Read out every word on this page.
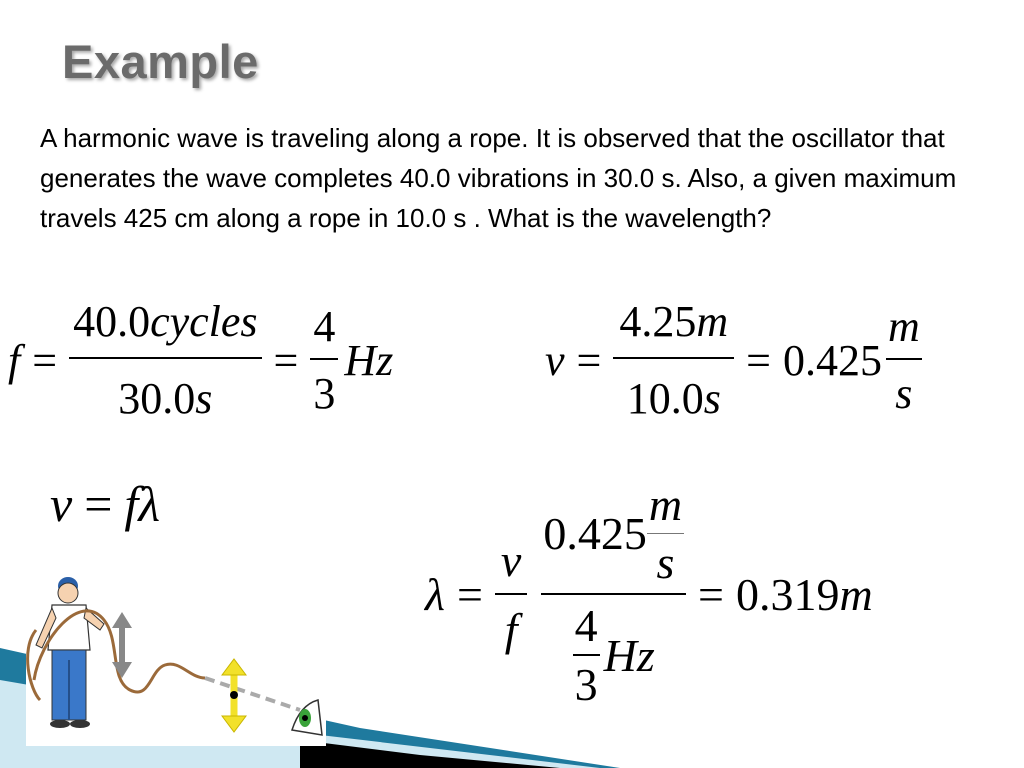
Example
A harmonic wave is traveling along a rope. It is observed that the oscillator that generates the wave completes 40.0 vibrations in 30.0 s. Also, a given maximum travels 425 cm along a rope in 10.0 s . What is the wavelength?
$f = \frac{\text{40.0cycles}}{30.0s} = \frac{4}{3}$ Hz	$v = \frac{4.25m}{10.0s} = 0.425 \frac{m}{s}$
v = f λ
$\lambda = \frac{v}{f} \frac{0.425 \frac{m}{s}}{\frac{4}{3} Hz} = 0.319$ m
